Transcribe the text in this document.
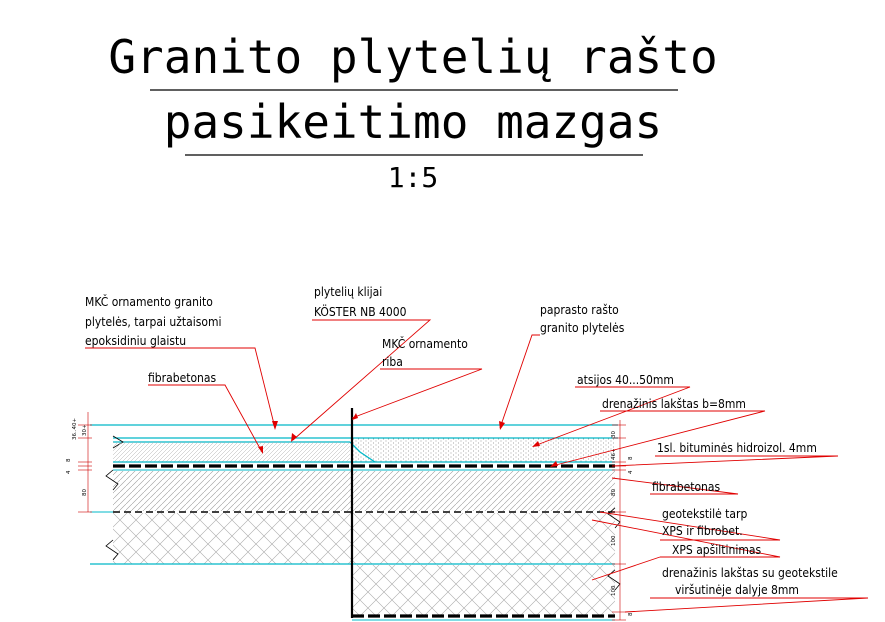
Granito plytelių rašto
pasikeitimo mazgas
1:5
36..40+ 30+
8
4
80
30
46+ 8
4
80
100
100
8
MKČ ornamento granito
plytelės, tarpai užtaisomi
epoksidiniu glaistu
plytelių klijai
KÖSTER NB 4000
MKČ ornamento
riba
paprasto rašto
granito plytelės
fibrabetonas	atsijos 40...50mm
drenažinis lakštas b=8mm
1sl. bituminės hidroizol. 4mm
fibrabetonas
geotekstilė tarp
XPS ir fibrobet.
XPS apšiltinimas
drenažinis lakštas su geotekstile
viršutinėje dalyje 8mm
